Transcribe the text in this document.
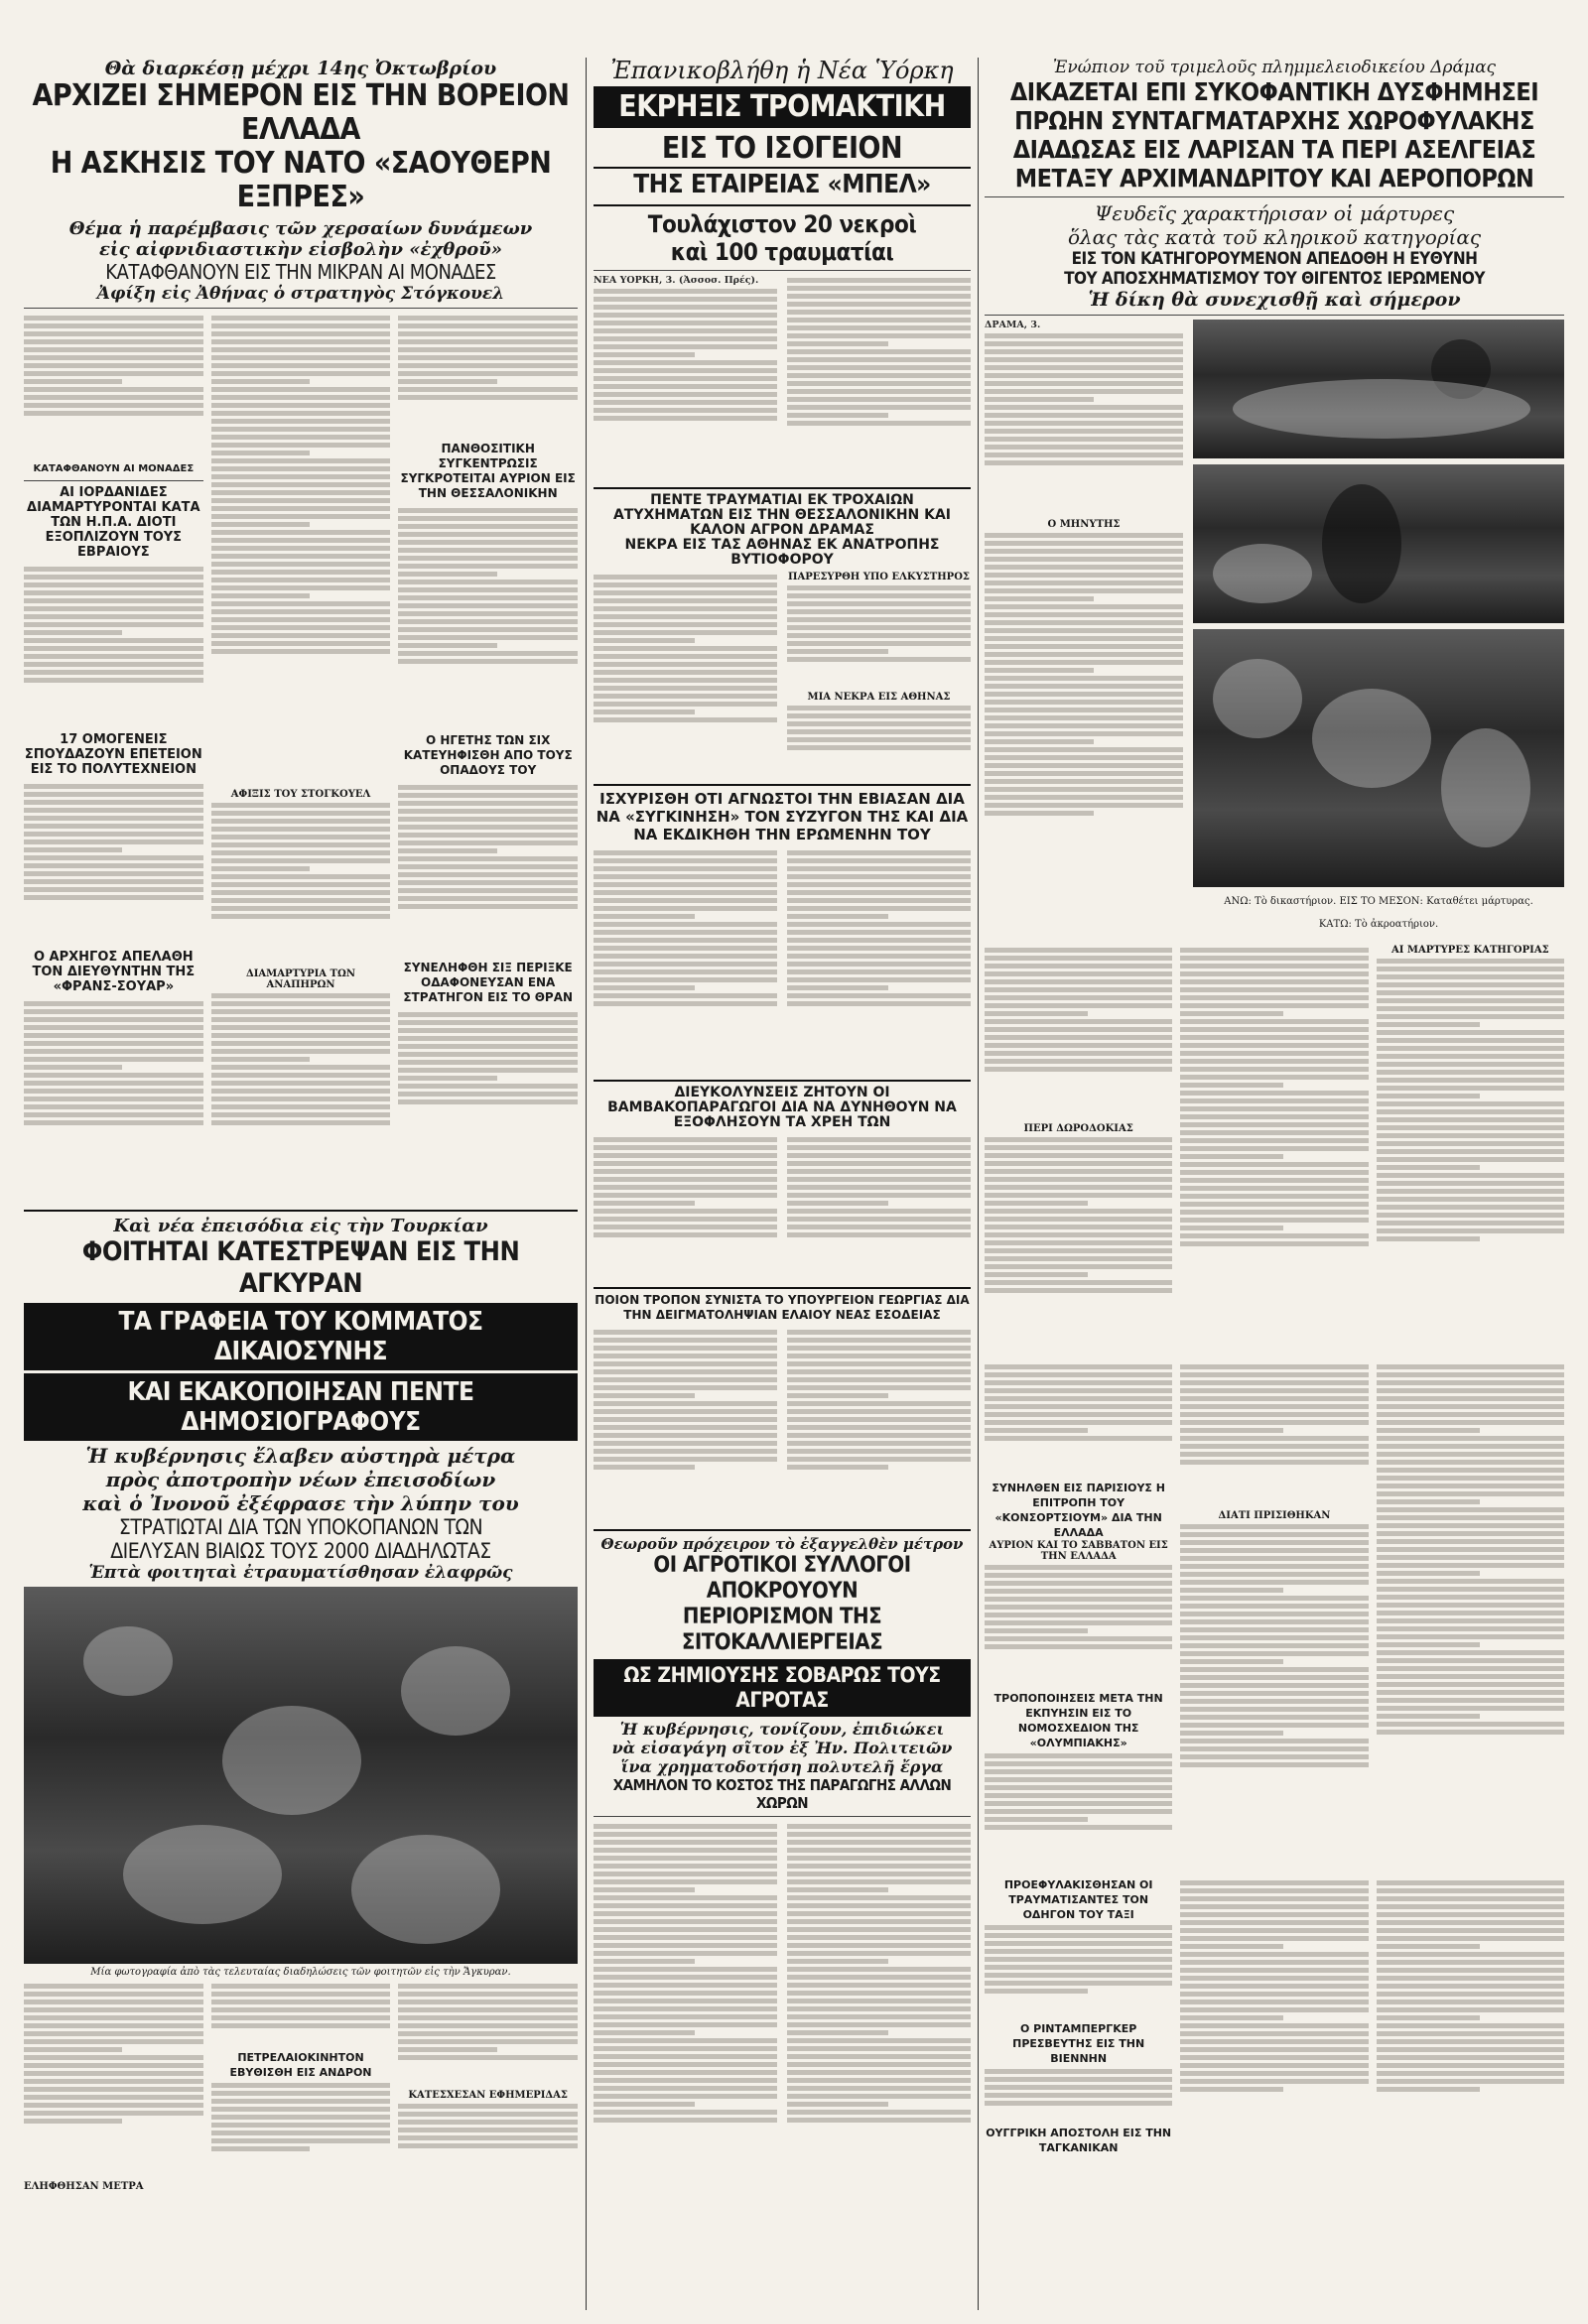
Θὰ διαρκέσῃ μέχρι 14ης Ὀκτωβρίου
ΑΡΧΙΖΕΙ ΣΗΜΕΡΟΝ ΕΙΣ ΤΗΝ ΒΟΡΕΙΟΝ ΕΛΛΑΔΑ
Η ΑΣΚΗΣΙΣ ΤΟΥ ΝΑΤΟ «ΣΑΟΥΘΕΡΝ ΕΞΠΡΕΣ»
Θέμα ἡ παρέμβασις τῶν χερσαίων δυνάμεων
εἰς αἰφνιδιαστικὴν εἰσβολὴν «ἐχθροῦ»
ΚΑΤΑΦΘΑΝΟΥΝ ΕΙΣ ΤΗΝ ΜΙΚΡΑΝ ΑΙ ΜΟΝΑΔΕΣ
Ἀφίξη εἰς Ἀθήνας ὁ στρατηγὸς Στόγκουελ
ΚΑΤΑΦΘΑΝΟΥΝ ΑΙ ΜΟΝΑΔΕΣ
ΑΙ ΙΟΡΔΑΝΙΔΕΣ ΔΙΑΜΑΡΤΥΡΟΝΤΑΙ ΚΑΤΑ ΤΩΝ Η.Π.Α. ΔΙΟΤΙ ΕΞΟΠΛΙΖΟΥΝ ΤΟΥΣ ΕΒΡΑΙΟΥΣ
17 ΟΜΟΓΕΝΕΙΣ ΣΠΟΥΔΑΖΟΥΝ ΕΠΕΤΕΙΟΝ ΕΙΣ ΤΟ ΠΟΛΥΤΕΧΝΕΙΟΝ
Ο ΑΡΧΗΓΟΣ ΑΠΕΛΑΘΗ ΤΟΝ ΔΙΕΥΘΥΝΤΗΝ ΤΗΣ «ΦΡΑΝΣ-ΣΟΥΑΡ»
ΑΦΙΞΙΣ ΤΟΥ ΣΤΟΓΚΟΥΕΛ
ΔΙΑΜΑΡΤΥΡΙΑ ΤΩΝ ΑΝΑΠΗΡΩΝ
ΠΑΝΘΟΣΙΤΙΚΗ ΣΥΓΚΕΝΤΡΩΣΙΣ ΣΥΓΚΡΟΤΕΙΤΑΙ ΑΥΡΙΟΝ ΕΙΣ ΤΗΝ ΘΕΣΣΑΛΟΝΙΚΗΝ
Ο ΗΓΕΤΗΣ ΤΩΝ ΣΙΧ ΚΑΤΕΥΗΦΙΣΘΗ ΑΠΟ ΤΟΥΣ ΟΠΑΔΟΥΣ ΤΟΥ
ΣΥΝΕΛΗΦΘΗ ΣΙΞ ΠΕΡΙΞΚΕ ΟΔΑΦΟΝΕΥΣΑΝ ΕΝΑ ΣΤΡΑΤΗΓΟΝ ΕΙΣ ΤΟ ΘΡΑΝ
Καὶ νέα ἐπεισόδια εἰς τὴν Τουρκίαν
ΦΟΙΤΗΤΑΙ ΚΑΤΕΣΤΡΕΨΑΝ ΕΙΣ ΤΗΝ ΑΓΚΥΡΑΝ
ΤΑ ΓΡΑΦΕΙΑ ΤΟΥ ΚΟΜΜΑΤΟΣ ΔΙΚΑΙΟΣΥΝΗΣ
ΚΑΙ ΕΚΑΚΟΠΟΙΗΣΑΝ ΠΕΝΤΕ ΔΗΜΟΣΙΟΓΡΑΦΟΥΣ
Ἡ κυβέρνησις ἔλαβεν αὐστηρὰ μέτρα
πρὸς ἀποτροπὴν νέων ἐπεισοδίων
καὶ ὁ Ἰνονοῦ ἐξέφρασε τὴν λύπην του
ΣΤΡΑΤΙΩΤΑΙ ΔΙΑ ΤΩΝ ΥΠΟΚΟΠΑΝΩΝ ΤΩΝ
ΔΙΕΛΥΣΑΝ ΒΙΑΙΩΣ ΤΟΥΣ 2000 ΔΙΑΔΗΛΩΤΑΣ
Ἑπτὰ φοιτηταὶ ἐτραυματίσθησαν ἐλαφρῶς
Μία φωτογραφία ἀπὸ τὰς τελευταίας διαδηλώσεις τῶν φοιτητῶν εἰς τὴν Ἄγκυραν.
ΠΕΤΡΕΛΑΙΟΚΙΝΗΤΟΝ ΕΒΥΘΙΣΘΗ ΕΙΣ ΑΝΔΡΟΝ
ΚΑΤΕΣΧΕΣΑΝ ΕΦΗΜΕΡΙΔΑΣ
ΕΛΗΦΘΗΣΑΝ ΜΕΤΡΑ
Ἐπανικοβλήθη ἡ Νέα Ὑόρκη
ΕΚΡΗΞΙΣ ΤΡΟΜΑΚΤΙΚΗ
ΕΙΣ ΤΟ ΙΣΟΓΕΙΟΝ
ΤΗΣ ΕΤΑΙΡΕΙΑΣ «ΜΠΕΛ»
Τουλάχιστον 20 νεκροὶ
καὶ 100 τραυματίαι
ΝΕΑ ΥΟΡΚΗ, 3. (Ἀσσοσ. Πρές).
ΠΕΝΤΕ ΤΡΑΥΜΑΤΙΑΙ ΕΚ ΤΡΟΧΑΙΩΝ ΑΤΥΧΗΜΑΤΩΝ ΕΙΣ ΤΗΝ ΘΕΣΣΑΛΟΝΙΚΗΝ ΚΑΙ ΚΑΛΟΝ ΑΓΡΟΝ ΔΡΑΜΑΣ
ΝΕΚΡΑ ΕΙΣ ΤΑΣ ΑΘΗΝΑΣ ΕΚ ΑΝΑΤΡΟΠΗΣ ΒΥΤΙΟΦΟΡΟΥ
ΠΑΡΕΣΥΡΘΗ ΥΠΟ ΕΛΚΥΣΤΗΡΟΣ
ΜΙΑ ΝΕΚΡΑ ΕΙΣ ΑΘΗΝΑΣ
ΙΣΧΥΡΙΣΘΗ ΟΤΙ ΑΓΝΩΣΤΟΙ ΤΗΝ ΕΒΙΑΣΑΝ ΔΙΑ ΝΑ «ΣΥΓΚΙΝΗΣΗ» ΤΟΝ ΣΥΖΥΓΟΝ ΤΗΣ ΚΑΙ ΔΙΑ ΝΑ ΕΚΔΙΚΗΘΗ ΤΗΝ ΕΡΩΜΕΝΗΝ ΤΟΥ
ΔΙΕΥΚΟΛΥΝΣΕΙΣ ΖΗΤΟΥΝ ΟΙ ΒΑΜΒΑΚΟΠΑΡΑΓΩΓΟΙ ΔΙΑ ΝΑ ΔΥΝΗΘΟΥΝ ΝΑ ΕΞΟΦΛΗΣΟΥΝ ΤΑ ΧΡΕΗ ΤΩΝ
ΠΟΙΟΝ ΤΡΟΠΟΝ ΣΥΝΙΣΤΑ ΤΟ ΥΠΟΥΡΓΕΙΟΝ ΓΕΩΡΓΙΑΣ ΔΙΑ ΤΗΝ ΔΕΙΓΜΑΤΟΛΗΨΙΑΝ ΕΛΑΙΟΥ ΝΕΑΣ ΕΣΟΔΕΙΑΣ
Θεωροῦν πρόχειρον τὸ ἐξαγγελθὲν μέτρον
ΟΙ ΑΓΡΟΤΙΚΟΙ ΣΥΛΛΟΓΟΙ ΑΠΟΚΡΟΥΟΥΝ
ΠΕΡΙΟΡΙΣΜΟΝ ΤΗΣ ΣΙΤΟΚΑΛΛΙΕΡΓΕΙΑΣ
ΩΣ ΖΗΜΙΟΥΣΗΣ ΣΟΒΑΡΩΣ ΤΟΥΣ ΑΓΡΟΤΑΣ
Ἡ κυβέρνησις, τονίζουν, ἐπιδιώκει
νὰ εἰσαγάγη σῖτον ἐξ Ἠν. Πολιτειῶν
ἵνα χρηματοδοτήση πολυτελῆ ἔργα
ΧΑΜΗΛΟΝ ΤΟ ΚΟΣΤΟΣ ΤΗΣ ΠΑΡΑΓΩΓΗΣ ΑΛΛΩΝ ΧΩΡΩΝ
Ἐνώπιον τοῦ τριμελοῦς πλημμελειοδικείου Δράμας
ΔΙΚΑΖΕΤΑΙ ΕΠΙ ΣΥΚΟΦΑΝΤΙΚΗ ΔΥΣΦΗΜΗΣΕΙ
ΠΡΩΗΝ ΣΥΝΤΑΓΜΑΤΑΡΧΗΣ ΧΩΡΟΦΥΛΑΚΗΣ
ΔΙΑΔΩΣΑΣ ΕΙΣ ΛΑΡΙΣΑΝ ΤΑ ΠΕΡΙ ΑΣΕΛΓΕΙΑΣ
ΜΕΤΑΞΥ ΑΡΧΙΜΑΝΔΡΙΤΟΥ ΚΑΙ ΑΕΡΟΠΟΡΩΝ
Ψευδεῖς χαρακτήρισαν οἱ μάρτυρες
ὅλας τὰς κατὰ τοῦ κληρικοῦ κατηγορίας
ΕΙΣ ΤΟΝ ΚΑΤΗΓΟΡΟΥΜΕΝΟΝ ΑΠΕΔΟΘΗ Η ΕΥΘΥΝΗ
ΤΟΥ ΑΠΟΣΧΗΜΑΤΙΣΜΟΥ ΤΟΥ ΘΙΓΕΝΤΟΣ ΙΕΡΩΜΕΝΟΥ
Ἡ δίκη θὰ συνεχισθῇ καὶ σήμερον
ΔΡΑΜΑ, 3.
Ο ΜΗΝΥΤΗΣ
ΑΝΩ: Τὸ δικαστήριον. ΕΙΣ ΤΟ ΜΕΣΟΝ: Καταθέτει μάρτυρας.
ΚΑΤΩ: Τὸ ἀκροατήριον.
ΠΕΡΙ ΔΩΡΟΔΟΚΙΑΣ
ΑΙ ΜΑΡΤΥΡΕΣ ΚΑΤΗΓΟΡΙΑΣ
ΣΥΝΗΛΘΕΝ ΕΙΣ ΠΑΡΙΣΙΟΥΣ Η ΕΠΙΤΡΟΠΗ ΤΟΥ «ΚΟΝΣΟΡΤΣΙΟΥΜ» ΔΙΑ ΤΗΝ ΕΛΛΑΔΑ
ΑΥΡΙΟΝ ΚΑΙ ΤΟ ΣΑΒΒΑΤΟΝ ΕΙΣ ΤΗΝ ΕΛΛΑΔΑ
ΤΡΟΠΟΠΟΙΗΣΕΙΣ ΜΕΤΑ ΤΗΝ ΕΚΠΥΗΣΙΝ ΕΙΣ ΤΟ ΝΟΜΟΣΧΕΔΙΟΝ ΤΗΣ «ΟΛΥΜΠΙΑΚΗΣ»
ΔΙΑΤΙ ΠΡΙΣΙΘΗΚΑΝ
ΠΡΟΕΦΥΛΑΚΙΣΘΗΣΑΝ ΟΙ ΤΡΑΥΜΑΤΙΣΑΝΤΕΣ ΤΟΝ ΟΔΗΓΟΝ ΤΟΥ ΤΑΞΙ
Ο ΡΙΝΤΑΜΠΕΡΓΚΕΡ ΠΡΕΣΒΕΥΤΗΣ ΕΙΣ ΤΗΝ ΒΙΕΝΝΗΝ
ΟΥΓΓΡΙΚΗ ΑΠΟΣΤΟΛΗ ΕΙΣ ΤΗΝ ΤΑΓΚΑΝΙΚΑΝ
